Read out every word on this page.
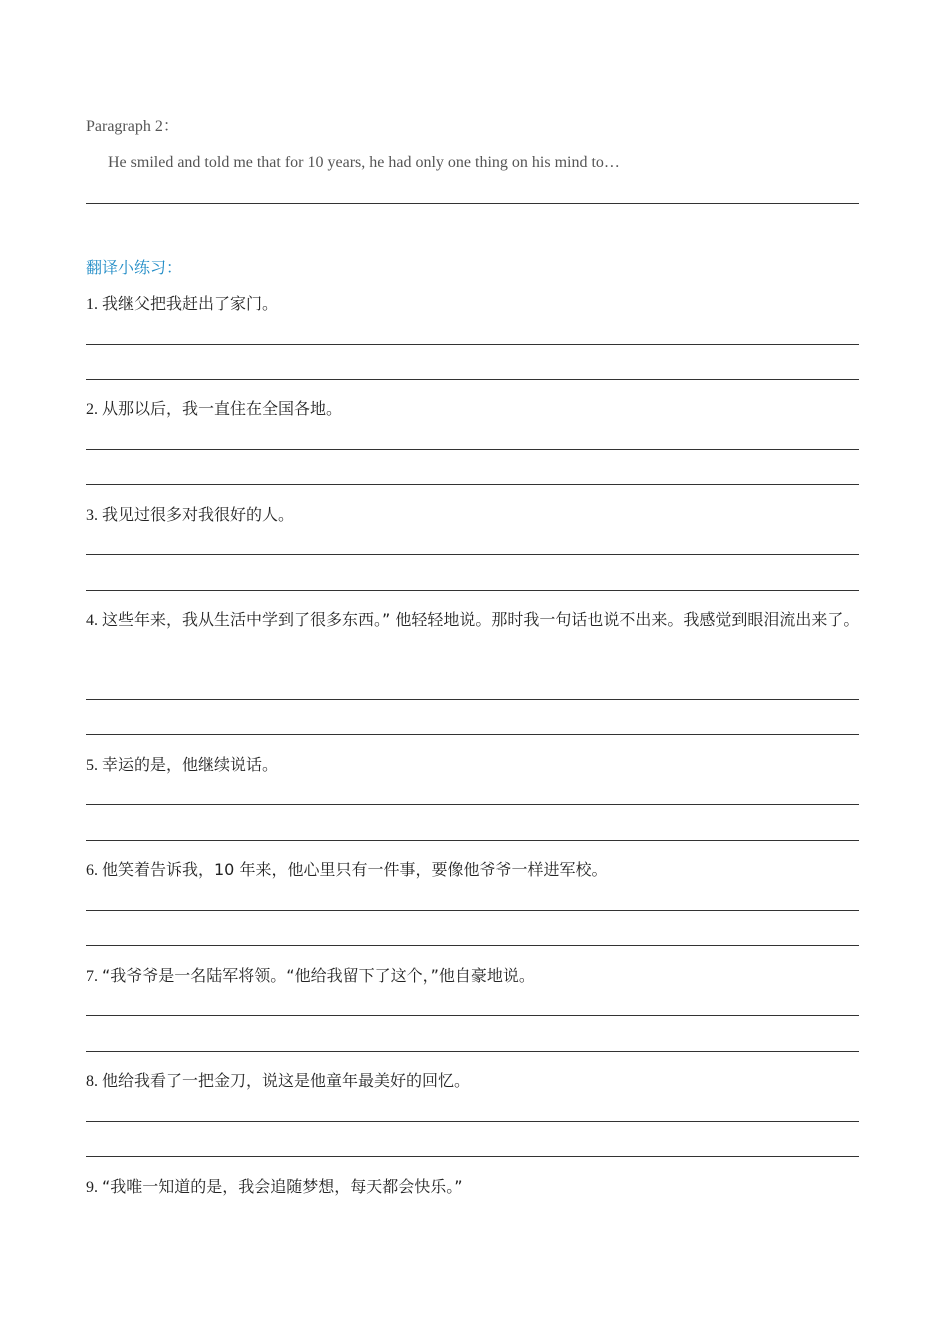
Paragraph 2：
He smiled and told me that for 10 years, he had only one thing on his mind to…
翻译小练习：
1. 我继父把我赶出了家门。
2. 从那以后，我一直住在全国各地。
3. 我见过很多对我很好的人。
4. 这些年来，我从生活中学到了很多东西。” 他轻轻地说。那时我一句话也说不出来。我感觉到眼泪流出来了。
5. 幸运的是，他继续说话。
6. 他笑着告诉我，10 年来，他心里只有一件事，要像他爷爷一样进军校。
7. “我爷爷是一名陆军将领。“他给我留下了这个，”他自豪地说。
8. 他给我看了一把金刀，说这是他童年最美好的回忆。
9. “我唯一知道的是，我会追随梦想，每天都会快乐。”
